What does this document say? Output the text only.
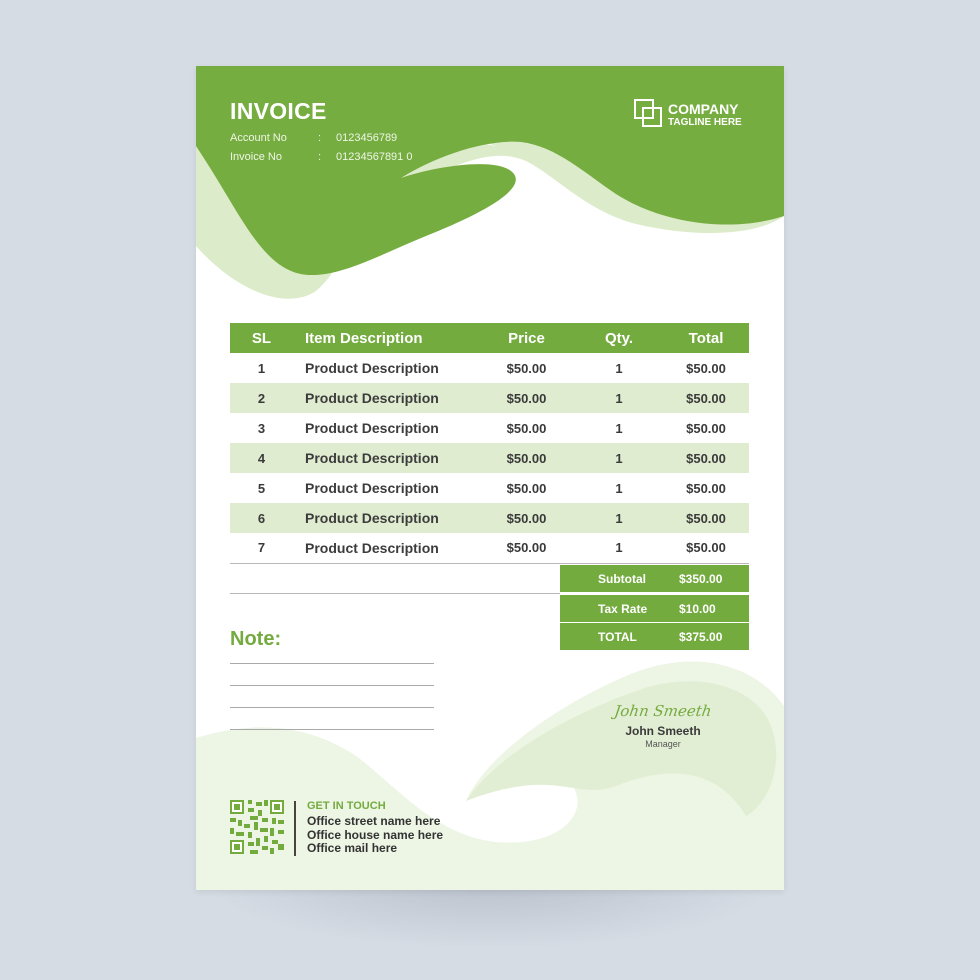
INVOICE
Account No	: 0123456789
Invoice No	: 01234567891 0
COMPANY
TAGLINE HERE
SL	Item Description	Price	Qty.	Total
1	Product Description	$50.00	1	$50.00
2	Product Description	$50.00	1	$50.00
3	Product Description	$50.00	1	$50.00
4	Product Description	$50.00	1	$50.00
5	Product Description	$50.00	1	$50.00
6	Product Description	$50.00	1	$50.00
7	Product Description	$50.00	1	$50.00
Subtotal	$350.00
Tax Rate	$10.00
TOTAL	$375.00
Note:
John Smeeth
John Smeeth
Manager
GET IN TOUCH
Office street name here
Office house name here
Office mail here
